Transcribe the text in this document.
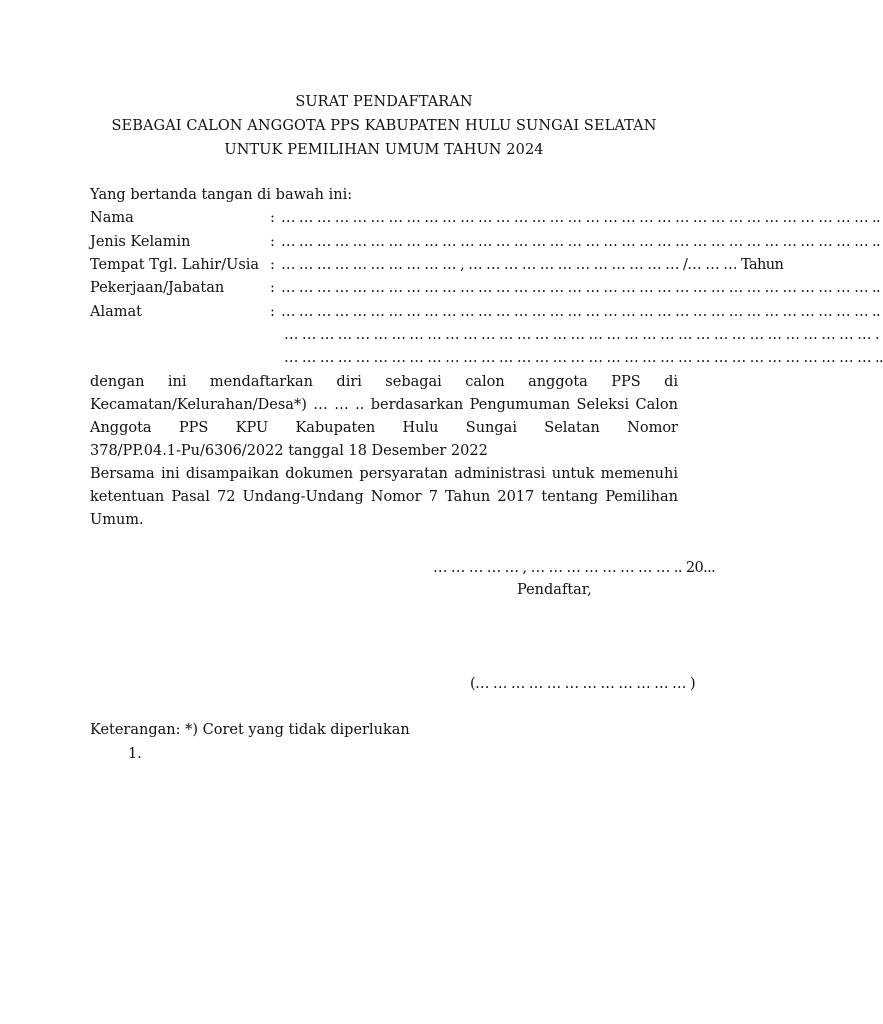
SURAT PENDAFTARAN
SEBAGAI CALON ANGGOTA PPS KABUPATEN HULU SUNGAI SELATAN
UNTUK PEMILIHAN UMUM TAHUN 2024
Yang bertanda tangan di bawah ini:
Nama	: … … … … … … … … … … … … … … … … … … … … … … … … … … … … … … … … … ..
Jenis Kelamin	: … … … … … … … … … … … … … … … … … … … … … … … … … … … … … … … … … ..
Tempat Tgl. Lahir/Usia : … … … … … … … … … … , … … … … … … … … … … … … /… … … Tahun
Pekerjaan/Jabatan	: … … … … … … … … … … … … … … … … … … … … … … … … … … … … … … … … … ..
Alamat	: … … … … … … … … … … … … … … … … … … … … … … … … … … … … … … … … … ..
… … … … … … … … … … … … … … … … … … … … … … … … … … … … … … … … … .
… … … … … … … … … … … … … … … … … … … … … … … … … … … … … … … … … ..
dengan ini mendaftarkan diri sebagai calon anggota PPS di
Kecamatan/Kelurahan/Desa*) … … .. berdasarkan Pengumuman Seleksi Calon
Anggota PPS KPU Kabupaten Hulu Sungai Selatan Nomor
378/PP.04.1-Pu/6306/2022 tanggal 18 Desember 2022
Bersama ini disampaikan dokumen persyaratan administrasi untuk memenuhi
ketentuan Pasal 72 Undang-Undang Nomor 7 Tahun 2017 tentang Pemilihan
Umum.
… … … … … , … … … … … … … … .. 20...
Pendaftar,
(… … … … … … … … … … … … )
Keterangan: *) Coret yang tidak diperlukan
1.
